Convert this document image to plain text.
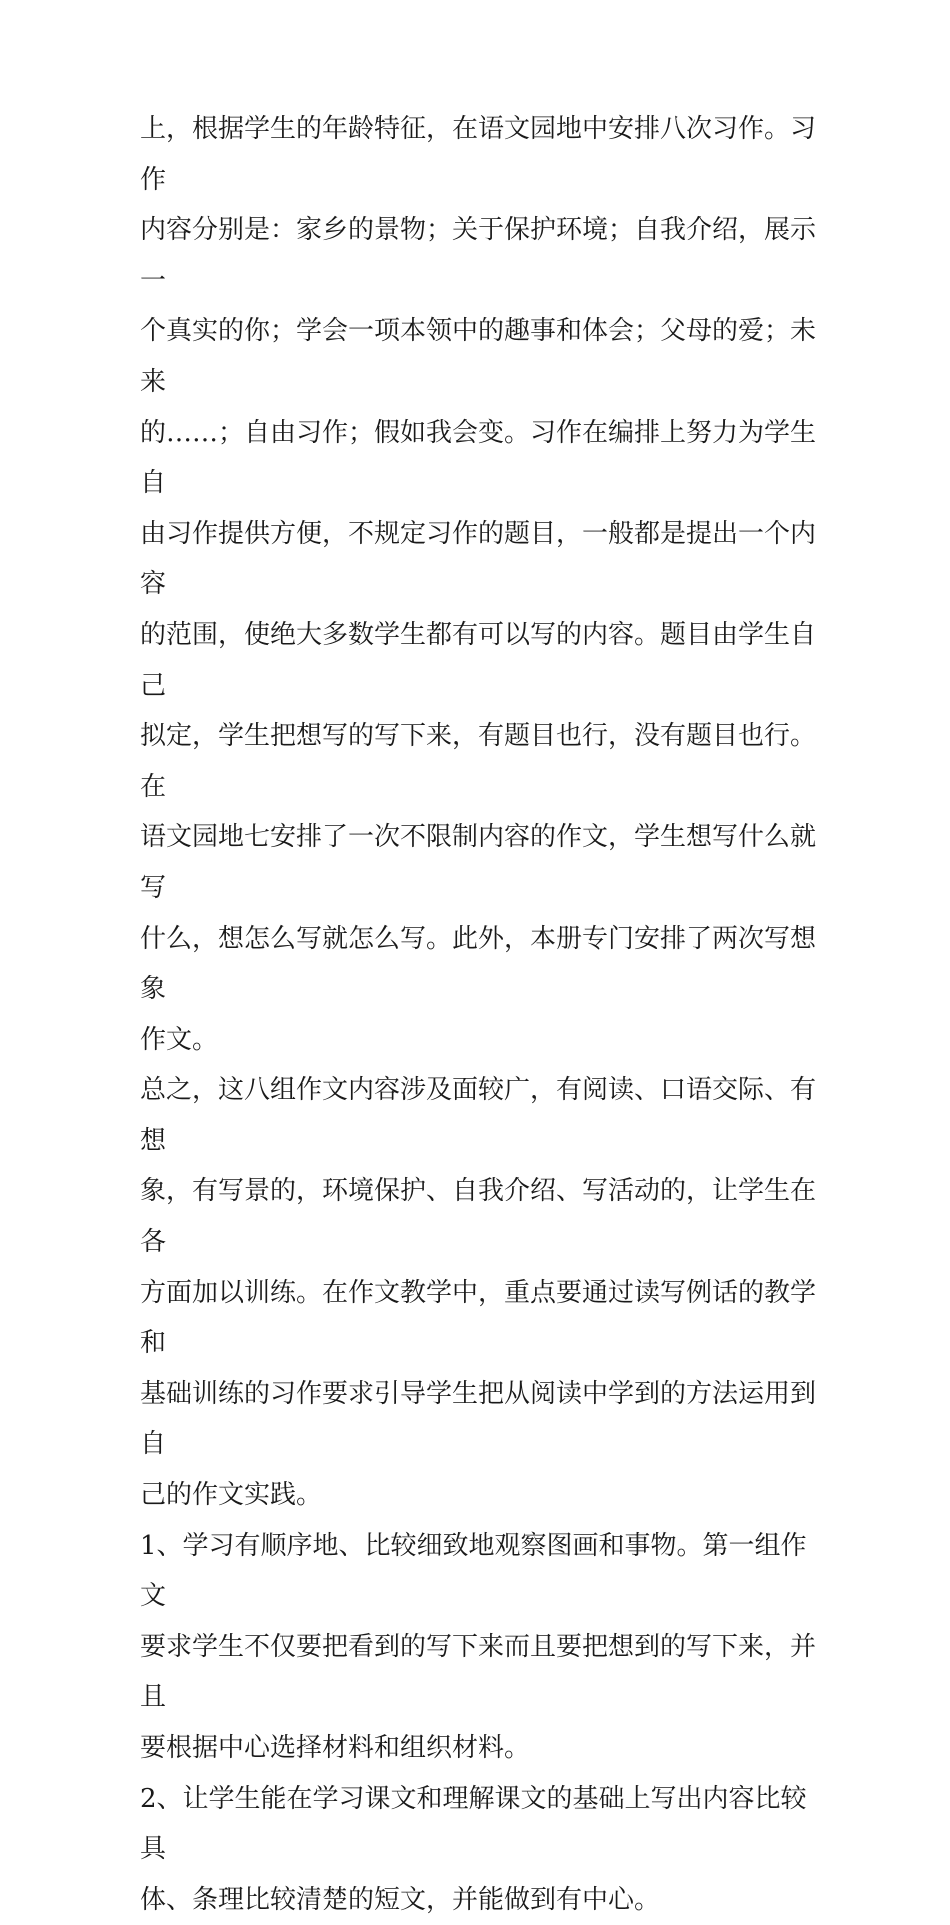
上，根据学生的年龄特征，在语文园地中安排八次习作。习作
内容分别是：家乡的景物；关于保护环境；自我介绍，展示一
个真实的你；学会一项本领中的趣事和体会；父母的爱；未来
的……；自由习作；假如我会变。习作在编排上努力为学生自
由习作提供方便，不规定习作的题目，一般都是提出一个内容
的范围，使绝大多数学生都有可以写的内容。题目由学生自己
拟定，学生把想写的写下来，有题目也行，没有题目也行。在
语文园地七安排了一次不限制内容的作文，学生想写什么就写
什么，想怎么写就怎么写。此外，本册专门安排了两次写想象
作文。
总之，这八组作文内容涉及面较广，有阅读、口语交际、有想
象，有写景的，环境保护、自我介绍、写活动的，让学生在各
方面加以训练。在作文教学中，重点要通过读写例话的教学和
基础训练的习作要求引导学生把从阅读中学到的方法运用到自
己的作文实践。
1、学习有顺序地、比较细致地观察图画和事物。第一组作文
要求学生不仅要把看到的写下来而且要把想到的写下来，并且
要根据中心选择材料和组织材料。
2、让学生能在学习课文和理解课文的基础上写出内容比较具
体、条理比较清楚的短文，并能做到有中心。
